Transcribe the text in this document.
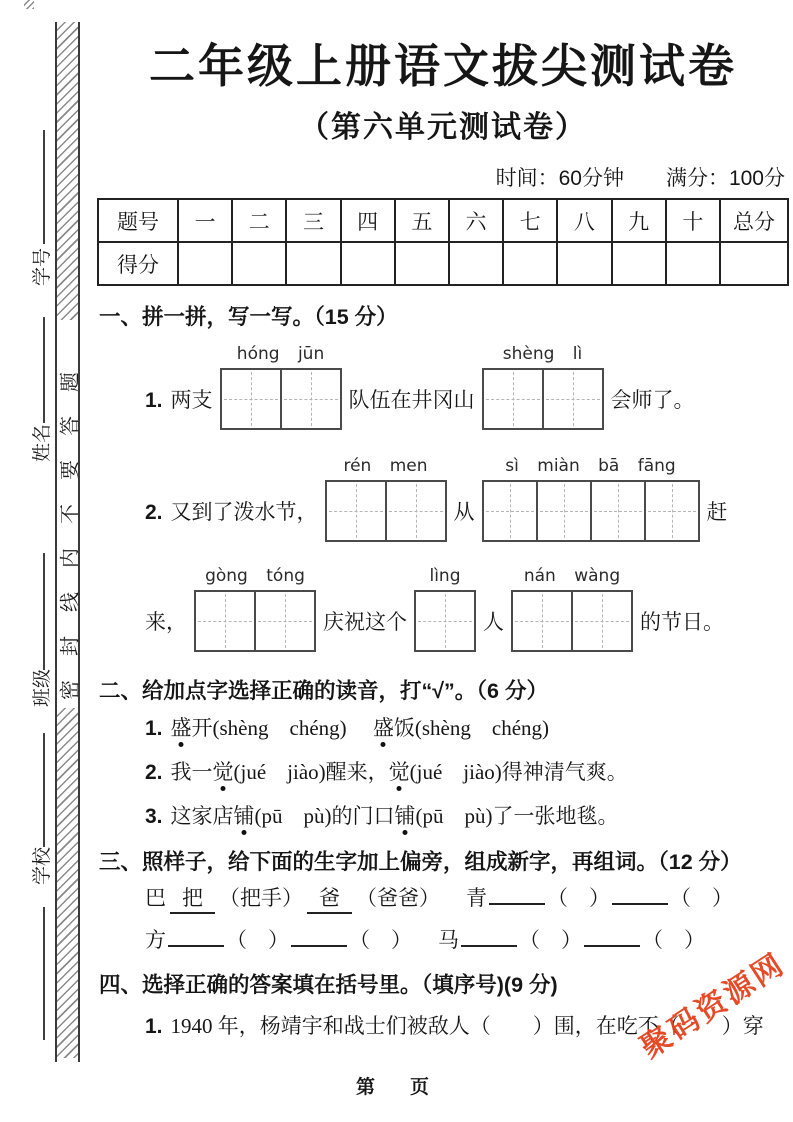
学号
姓名
班级
学校
密封线内不要答题
二年级上册语文拔尖测试卷
（第六单元测试卷）
时间：60分钟 满分：100分
题号	一	二	三	四	五	六	七	八	九	十	总分
得分											
一、拼一拼，写一写。（15 分）
1. 两支
hóng jūn
队伍在井冈山
shèng lì
会师了。
2. 又到了泼水节，
rén men
从
sì miàn bā fāng
赶
来，
gòng tóng
庆祝这个
lìng
人
nán wàng
的节日。
二、给加点字选择正确的读音，打“√”。（6 分）
1. 盛开(shèng　chéng)　 盛饭(shèng　chéng)
2. 我一觉(jué　jiào)醒来，觉(jué　jiào)得神清气爽。
3. 这家店铺(pū　pù)的门口铺(pū　pù)了一张地毯。
三、照样子，给下面的生字加上偏旁，组成新字，再组词。（12 分）
巴 把 （把手） 爸 （爸爸） 青	（　）	（　）
方	（　）	（　） 马	（　）	（　）
四、选择正确的答案填在括号里。（填序号)(9 分)
1. 1940 年，杨靖宇和战士们被敌人（　　）围，在吃不（　　）穿
第　页
聚码资源网
